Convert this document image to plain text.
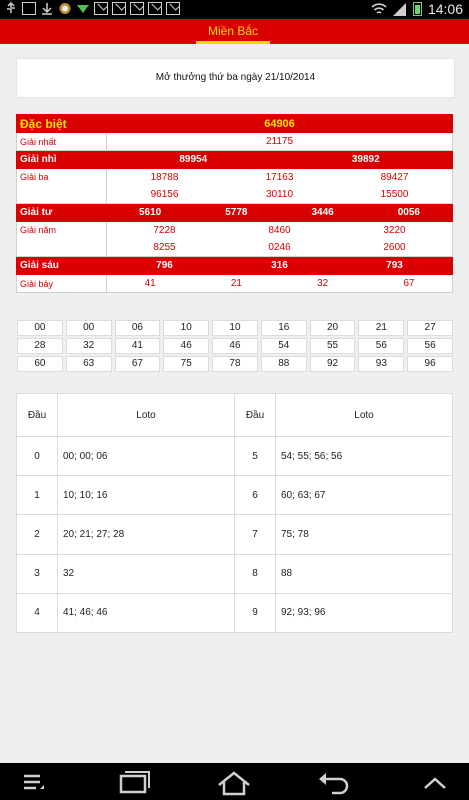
14:06
Miền Bắc
Mở thưởng thứ ba ngày 21/10/2014
Đặc biệt	64906
Giải nhất	21175
Giải nhì	89954 39892

Giải ba	18788 17163 89427

	96156 30110 15500

Giải tư	5610 5778 3446 0056

Giải năm	7228 8460 3220

	8255 0246 2600

Giải sáu	796 316 793

Giải bảy	41 21 32 67
00	00	06	10	10	16	20	21	27
28	32	41	46	46	54	55	56	56
60	63	67	75	78	88	92	93	96
Đầu	Loto	Đầu	Loto
0	00; 00; 06	5	54; 55; 56; 56
1	10; 10; 16	6	60; 63; 67
2	20; 21; 27; 28	7	75; 78
3	32	8	88
4	41; 46; 46	9	92; 93; 96
